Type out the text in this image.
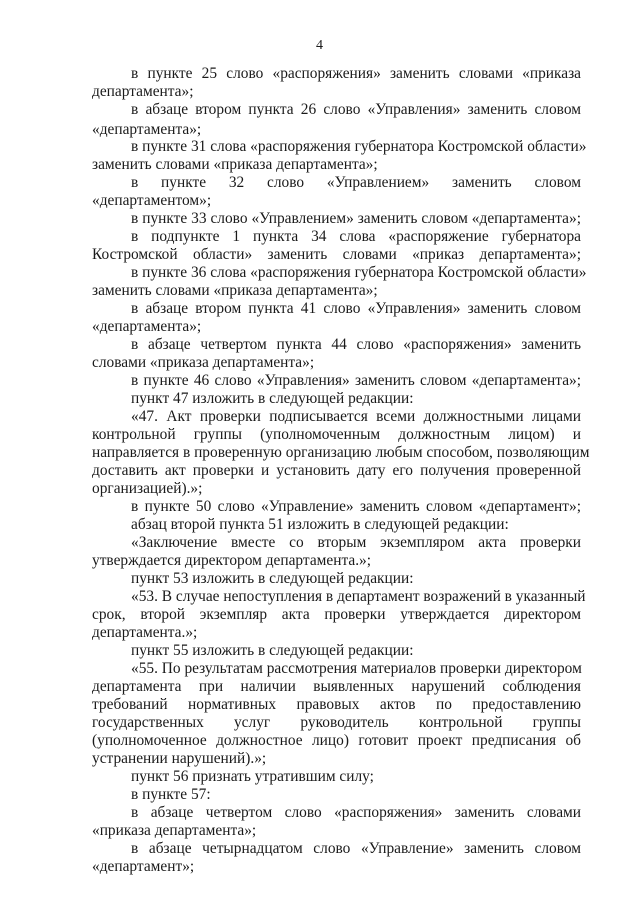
4
в пункте 25 слово «распоряжения» заменить словами «приказа
департамента»;
в абзаце втором пункта 26 слово «Управления» заменить словом
«департамента»;
в пункте 31 слова «распоряжения губернатора Костромской области»
заменить словами «приказа департамента»;
в пункте 32 слово «Управлением» заменить словом
«департаментом»;
в пункте 33 слово «Управлением» заменить словом «департамента»;
в подпункте 1 пункта 34 слова «распоряжение губернатора
Костромской области» заменить словами «приказ департамента»;
в пункте 36 слова «распоряжения губернатора Костромской области»
заменить словами «приказа департамента»;
в абзаце втором пункта 41 слово «Управления» заменить словом
«департамента»;
в абзаце четвертом пункта 44 слово «распоряжения» заменить
словами «приказа департамента»;
в пункте 46 слово «Управления» заменить словом «департамента»;
пункт 47 изложить в следующей редакции:
«47. Акт проверки подписывается всеми должностными лицами
контрольной группы (уполномоченным должностным лицом) и
направляется в проверенную организацию любым способом, позволяющим
доставить акт проверки и установить дату его получения проверенной
организацией).»;
в пункте 50 слово «Управление» заменить словом «департамент»;
абзац второй пункта 51 изложить в следующей редакции:
«Заключение вместе со вторым экземпляром акта проверки
утверждается директором департамента.»;
пункт 53 изложить в следующей редакции:
«53. В случае непоступления в департамент возражений в указанный
срок, второй экземпляр акта проверки утверждается директором
департамента.»;
пункт 55 изложить в следующей редакции:
«55. По результатам рассмотрения материалов проверки директором
департамента при наличии выявленных нарушений соблюдения
требований нормативных правовых актов по предоставлению
государственных услуг руководитель контрольной группы
(уполномоченное должностное лицо) готовит проект предписания об
устранении нарушений).»;
пункт 56 признать утратившим силу;
в пункте 57:
в абзаце четвертом слово «распоряжения» заменить словами
«приказа департамента»;
в абзаце четырнадцатом слово «Управление» заменить словом
«департамент»;
